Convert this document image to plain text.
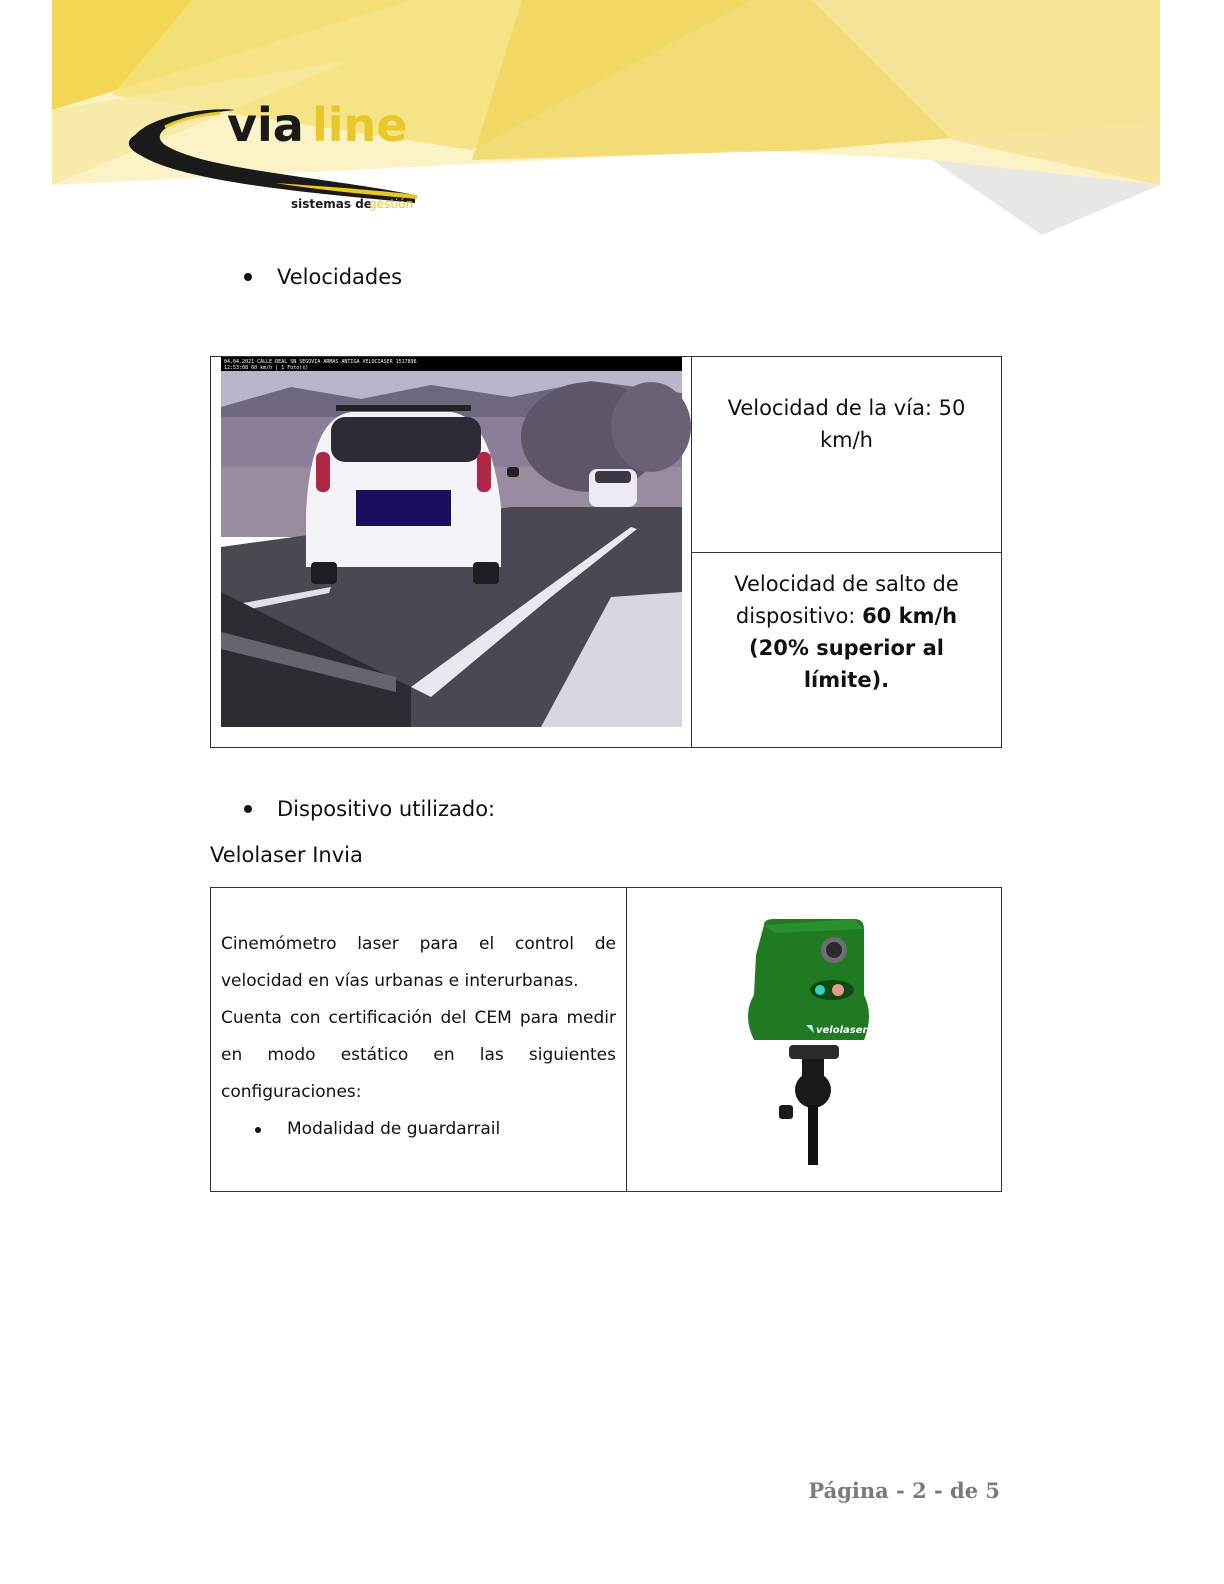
via line
sistemas de
gestión
Velocidades
04.04.2021 CALLE REAL SN SEGOVIA ARMAS ANTIGA VELOCIASER 1517896
12:53:08 60 km/h | 1 Foto(s)

Velocidad de la vía: 50 km/h

Velocidad de salto de dispositivo: 60 km/h (20% superior al límite).
Dispositivo utilizado:
Velolaser Invia

Cinemómetro laser para el control de

velocidad en vías urbanas e interurbanas.

Cuenta con certificación del CEM para medir

en modo estático en las siguientes

configuraciones:

Modalidad de guardarrail

velolaser
Página - 2 - de 5
